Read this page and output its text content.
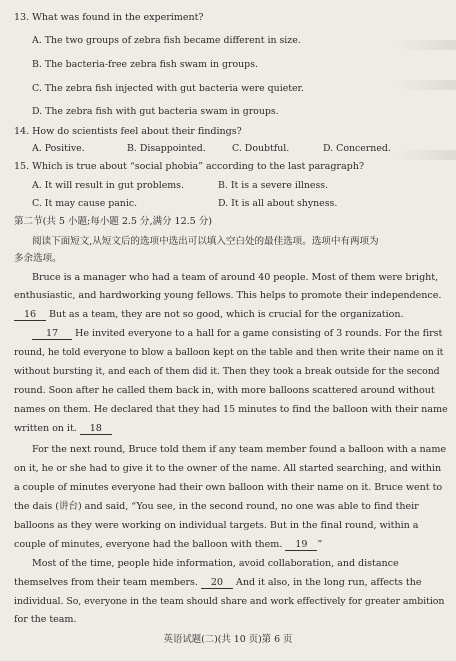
13. What was found in the experiment?
A. The two groups of zebra fish became different in size.
B. The bacteria-free zebra fish swam in groups.
C. The zebra fish injected with gut bacteria were quieter.
D. The zebra fish with gut bacteria swam in groups.
14. How do scientists feel about their findings?
A. Positive.	B. Disappointed.	C. Doubtful.	D. Concerned.
15. Which is true about “social phobia” according to the last paragraph?
A. It will result in gut problems.	B. It is a severe illness.
C. It may cause panic.	D. It is all about shyness.
第二节(共 5 小题;每小题 2.5 分,满分 12.5 分)
阅读下面短文,从短文后的选项中选出可以填入空白处的最佳选项。选项中有两项为
多余选项。
Bruce is a manager who had a team of around 40 people. Most of them were bright,
enthusiastic, and hardworking young fellows. This helps to promote their independence.
16 But as a team, they are not so good, which is crucial for the organization.
17 He invited everyone to a hall for a game consisting of 3 rounds. For the first
round, he told everyone to blow a balloon kept on the table and then write their name on it
without bursting it, and each of them did it. Then they took a break outside for the second
round. Soon after he called them back in, with more balloons scattered around without
names on them. He declared that they had 15 minutes to find the balloon with their name
written on it. 18
For the next round, Bruce told them if any team member found a balloon with a name
on it, he or she had to give it to the owner of the name. All started searching, and within
a couple of minutes everyone had their own balloon with their name on it. Bruce went to
the dais (讲台) and said, “You see, in the second round, no one was able to find their
balloons as they were working on individual targets. But in the final round, within a
couple of minutes, everyone had the balloon with them. 19 ”
Most of the time, people hide information, avoid collaboration, and distance
themselves from their team members. 20 And it also, in the long run, affects the
individual. So, everyone in the team should share and work effectively for greater ambition
for the team.
英语试题(二)(共 10 页)第 6 页
